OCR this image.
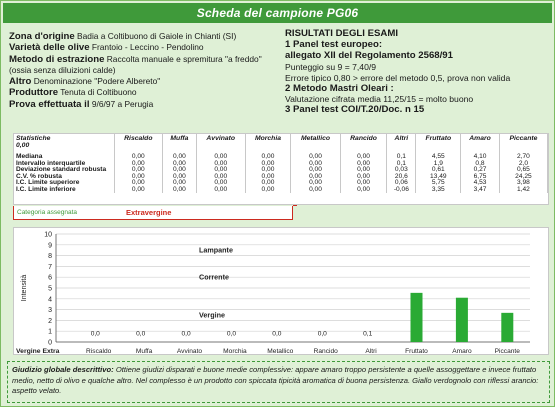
Scheda del campione PG06
Zona d'origine Badia a Coltibuono di Gaiole in Chianti (SI)
Varietà delle olive Frantoio - Leccino - Pendolino
Metodo di estrazione Raccolta manuale e spremitura "a freddo"
(ossia senza diluizioni calde)
Altro Denominazione "Podere Albereto"
Produttore Tenuta di Coltibuono
Prova effettuata il 9/6/97 a Perugia
RISULTATI DEGLI ESAMI
1 Panel test europeo:
allegato XII del Regolamento 2568/91
Punteggio su 9 = 7,40/9
Errore tipico 0,80 > errore del metodo 0,5, prova non valida
2 Metodo Mastri Oleari :
Valutazione cifrata media 11,25/15 = molto buono
3 Panel test COI/T.20/Doc. n 15
Statistiche
0,00	Riscaldo	Muffa	Avvinato	Morchia	Metallico	Rancido	Altri	Fruttato	Amaro	Piccante
Mediana	0,00	0,00	0,00	0,00	0,00	0,00	0,1	4,55	4,10	2,70
Intervallo interquartile	0,00	0,00	0,00	0,00	0,00	0,00	0,1	1,9	0,8	2,0
Deviazione standard robusta	0,00	0,00	0,00	0,00	0,00	0,00	0,03	0,61	0,27	0,65
C.V. % robusta	0,00	0,00	0,00	0,00	0,00	0,00	20,6	13,49	6,75	24,25
I.C. Limite superiore	0,00	0,00	0,00	0,00	0,00	0,00	0,06	5,75	4,53	3,98
I.C. Limite inferiore	0,00	0,00	0,00	0,00	0,00	0,00	-0,06	3,35	3,47	1,42
Categoria assegnata	Extravergine
0
1
2
3
4
5
6
7
8
9
10
Intensità
Lampante
Corrente
Vergine
0,0
Riscaldo
0,0
Muffa
0,0
Avvinato
0,0
Morchia
0,0
Metallico
0,0
Rancido
0,1
Altri	Fruttato	Amaro	Piccante
Vergine Extra
Giudizio globale descrittivo: Ottiene giudizi disparati e buone medie complessive: appare amaro troppo persistente a quelle assoggettare e invece fruttato medio, netto di olivo e qualche altro. Nel complesso è un prodotto con spiccata tipicità aromatica di buona persistenza. Giallo verdognolo con riflessi arancio: aspetto velato.
